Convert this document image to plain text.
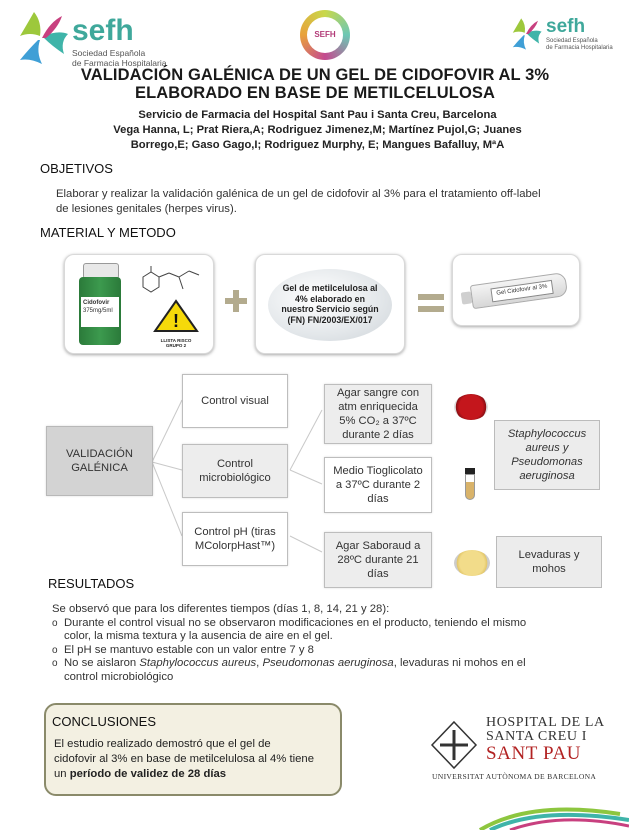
sefh
Sociedad Española
de Farmacia Hospitalaria
SEFH	sefh
Sociedad Española
de Farmacia Hospitalaria
VALIDACIÓN GALÉNICA DE UN GEL DE CIDOFOVIR AL 3%
ELABORADO EN BASE DE METILCELULOSA
Servicio de Farmacia del Hospital Sant Pau i Santa Creu, Barcelona
Vega Hanna, L; Prat Riera,A; Rodriguez Jimenez,M; Martínez Pujol,G; Juanes
Borrego,E; Gaso Gago,I; Rodriguez Murphy, E; Mangues Bafalluy, MªA
OBJETIVOS
Elaborar y realizar la validación galénica de un gel de cidofovir al 3% para el tratamiento off-label
de lesiones genitales (herpes virus).
MATERIAL Y METODO
Cidofovir
375mg/5ml	!
LLISTA RISCO GRUPO 2
Gel de metilcelulosa al
4% elaborado en
nuestro Servicio según
(FN) FN/2003/EX/017
Gel Cidofovir al 3%
VALIDACIÓN
GALÉNICA
Control visual
Control
microbiológico
Control pH (tiras
MColorpHast™)
Agar sangre con
atm enriquecida
5% CO₂ a 37ºC
durante 2 días
Medio Tioglicolato
a 37ºC durante 2
días
Agar Saboraud a
28ºC durante 21
días
Staphylococcus
aureus y
Pseudomonas
aeruginosa
Levaduras y
mohos
RESULTADOS
Se observó que para los diferentes tiempos (días 1, 8, 14, 21 y 28):
o Durante el control visual no se observaron modificaciones en el producto, teniendo el mismo
color, la misma textura y la ausencia de aire en el gel.
o El pH se mantuvo estable con un valor entre 7 y 8
o No se aislaron Staphylococcus aureus, Pseudomonas aeruginosa, levaduras ni mohos en el
control microbiológico
CONCLUSIONES
El estudio realizado demostró que el gel de
cidofovir al 3% en base de metilcelulosa al 4% tiene
un período de validez de 28 días
HOSPITAL DE LA
SANTA CREU I
SANT PAU
UNIVERSITAT AUTÒNOMA DE BARCELONA
